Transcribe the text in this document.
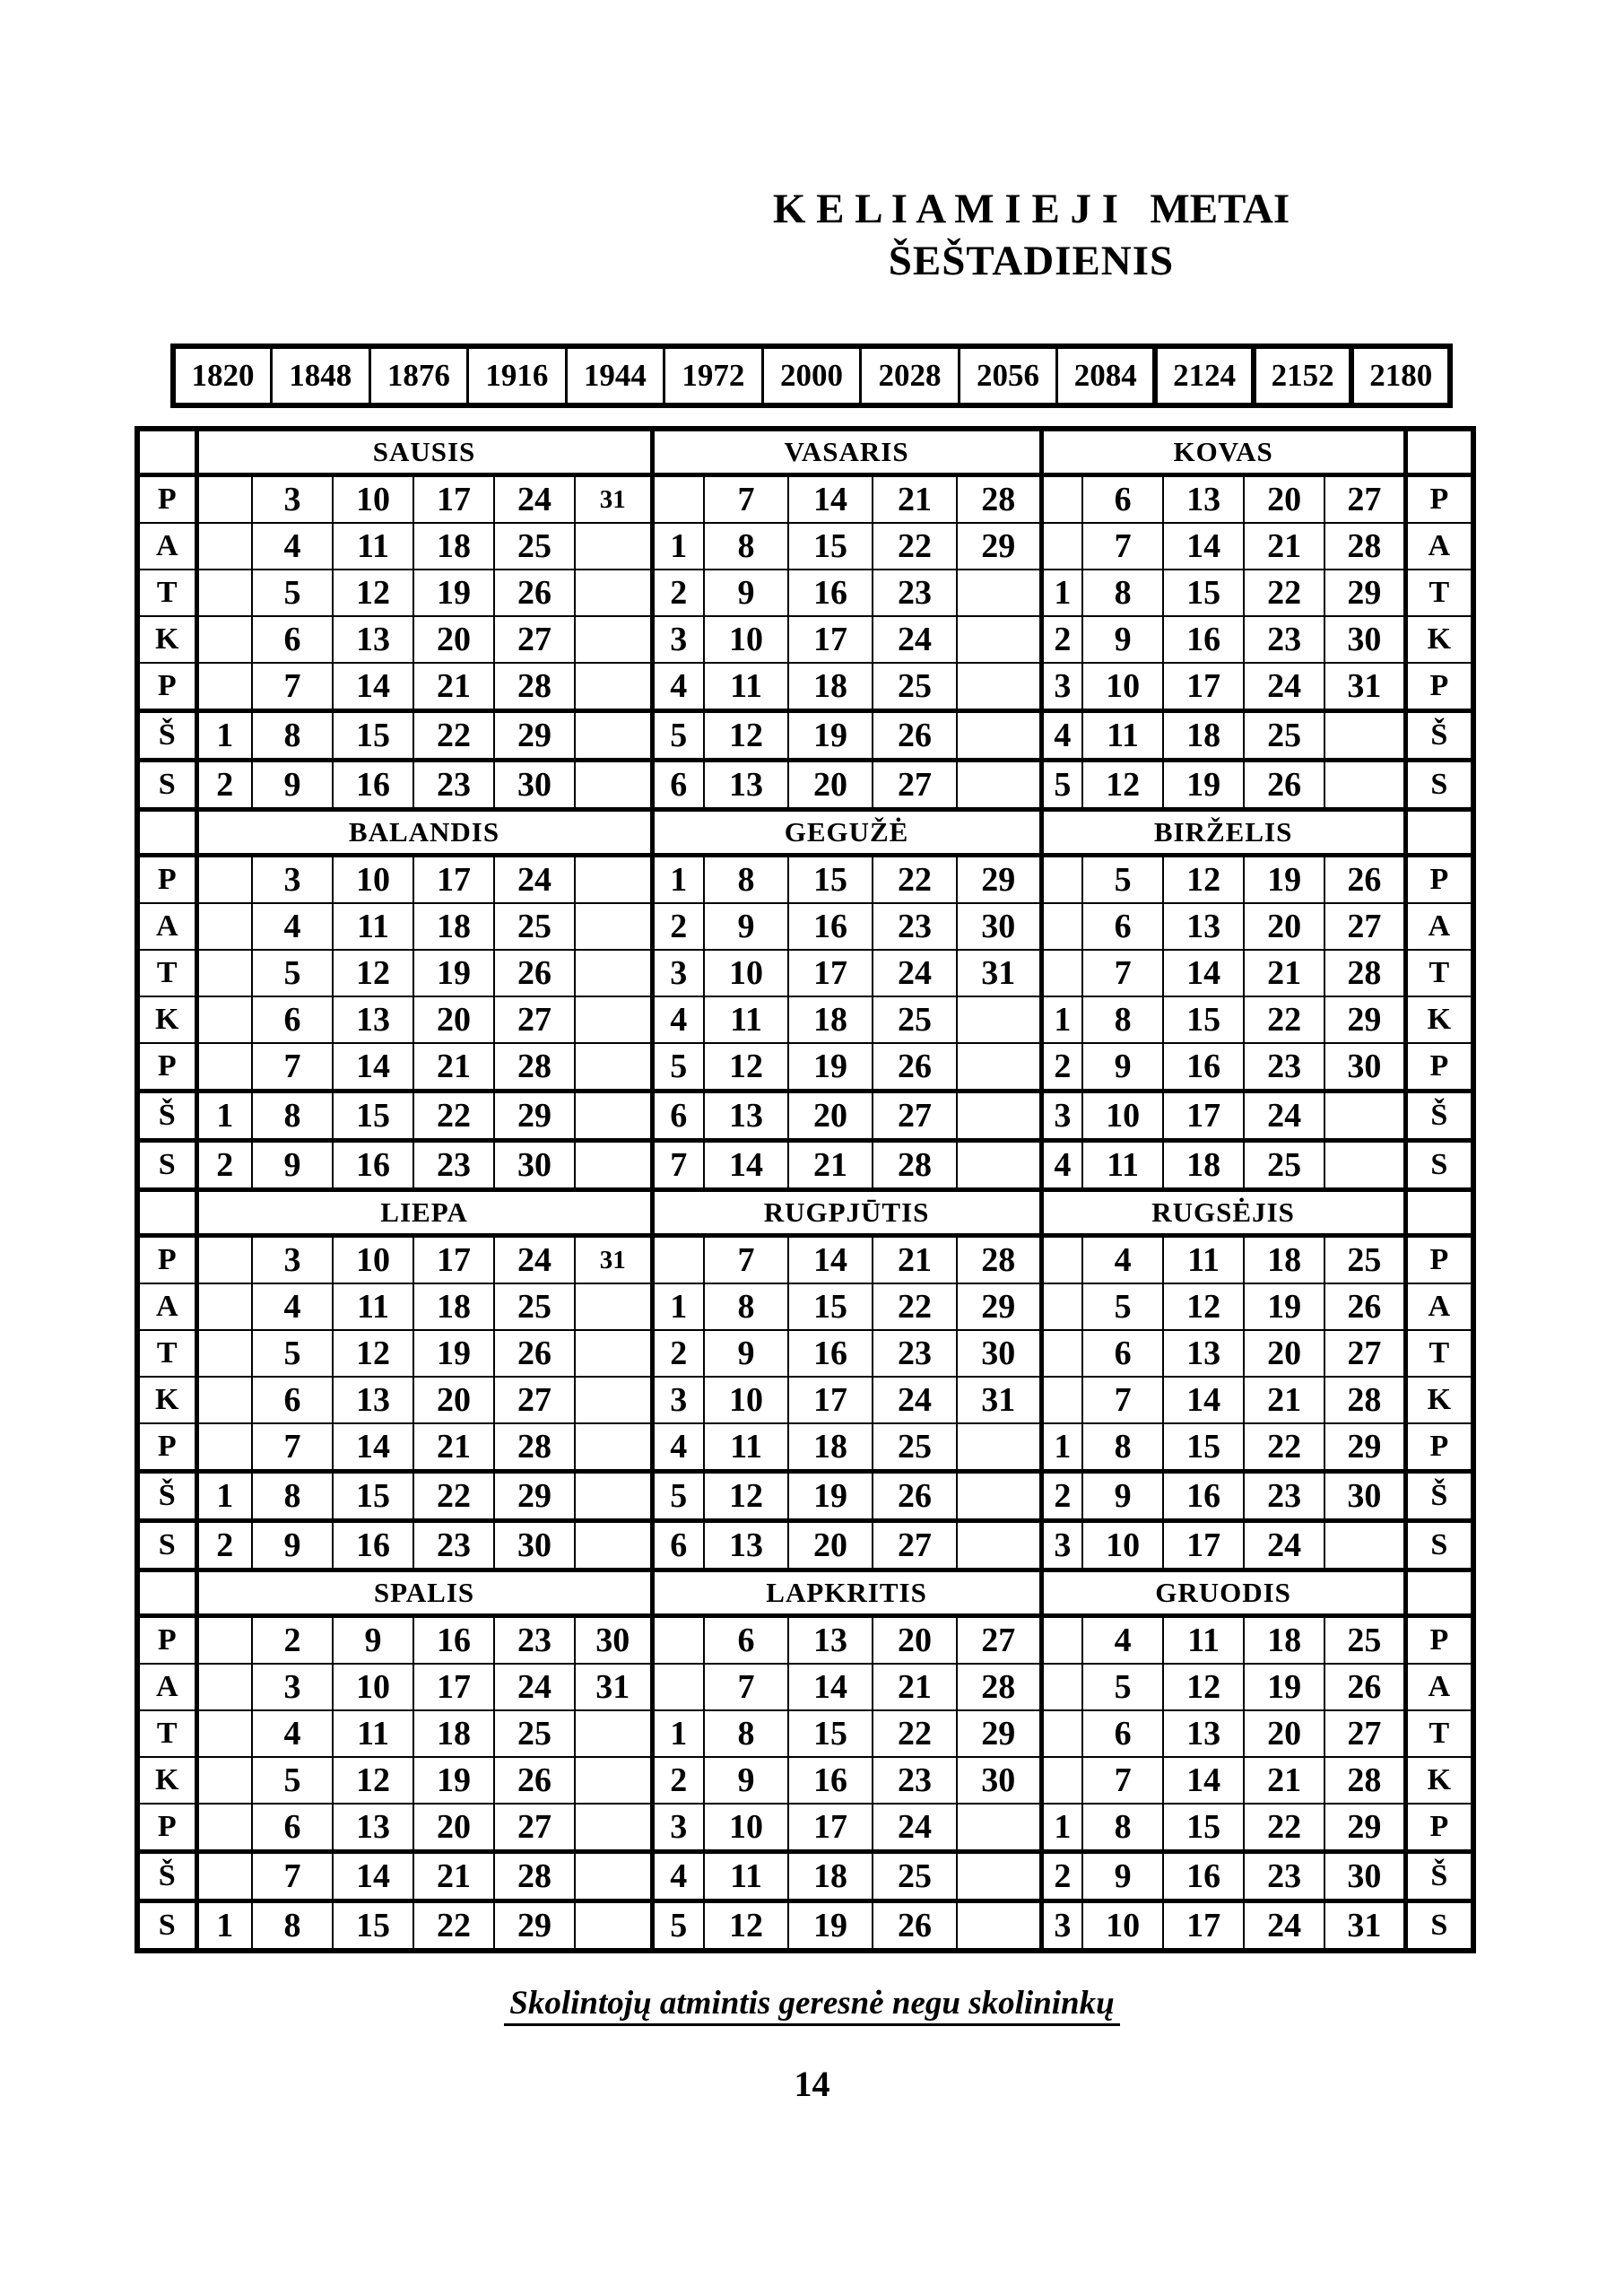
K E L I A M I E J I   METAI
ŠEŠTADIENIS
1820	1848	1876	1916	1944	1972	2000	2028	2056	2084	2124	2152	2180
	SAUSIS						VASARIS					KOVAS					
P		3	10	17	24	31		7	14	21	28		6	13	20	27	P
A		4	11	18	25		1	8	15	22	29		7	14	21	28	A
T		5	12	19	26		2	9	16	23		1	8	15	22	29	T
K		6	13	20	27		3	10	17	24		2	9	16	23	30	K
P		7	14	21	28		4	11	18	25		3	10	17	24	31	P
Š	1	8	15	22	29		5	12	19	26		4	11	18	25		Š
S	2	9	16	23	30		6	13	20	27		5	12	19	26		S
	BALANDIS						GEGUŽĖ					BIRŽELIS					
P		3	10	17	24		1	8	15	22	29		5	12	19	26	P
A		4	11	18	25		2	9	16	23	30		6	13	20	27	A
T		5	12	19	26		3	10	17	24	31		7	14	21	28	T
K		6	13	20	27		4	11	18	25		1	8	15	22	29	K
P		7	14	21	28		5	12	19	26		2	9	16	23	30	P
Š	1	8	15	22	29		6	13	20	27		3	10	17	24		Š
S	2	9	16	23	30		7	14	21	28		4	11	18	25		S
	LIEPA						RUGPJŪTIS					RUGSĖJIS					
P		3	10	17	24	31		7	14	21	28		4	11	18	25	P
A		4	11	18	25		1	8	15	22	29		5	12	19	26	A
T		5	12	19	26		2	9	16	23	30		6	13	20	27	T
K		6	13	20	27		3	10	17	24	31		7	14	21	28	K
P		7	14	21	28		4	11	18	25		1	8	15	22	29	P
Š	1	8	15	22	29		5	12	19	26		2	9	16	23	30	Š
S	2	9	16	23	30		6	13	20	27		3	10	17	24		S
	SPALIS						LAPKRITIS					GRUODIS					
P		2	9	16	23	30		6	13	20	27		4	11	18	25	P
A		3	10	17	24	31		7	14	21	28		5	12	19	26	A
T		4	11	18	25		1	8	15	22	29		6	13	20	27	T
K		5	12	19	26		2	9	16	23	30		7	14	21	28	K
P		6	13	20	27		3	10	17	24		1	8	15	22	29	P
Š		7	14	21	28		4	11	18	25		2	9	16	23	30	Š
S	1	8	15	22	29		5	12	19	26		3	10	17	24	31	S
Skolintojų atmintis geresnė negu skolininkų
14
